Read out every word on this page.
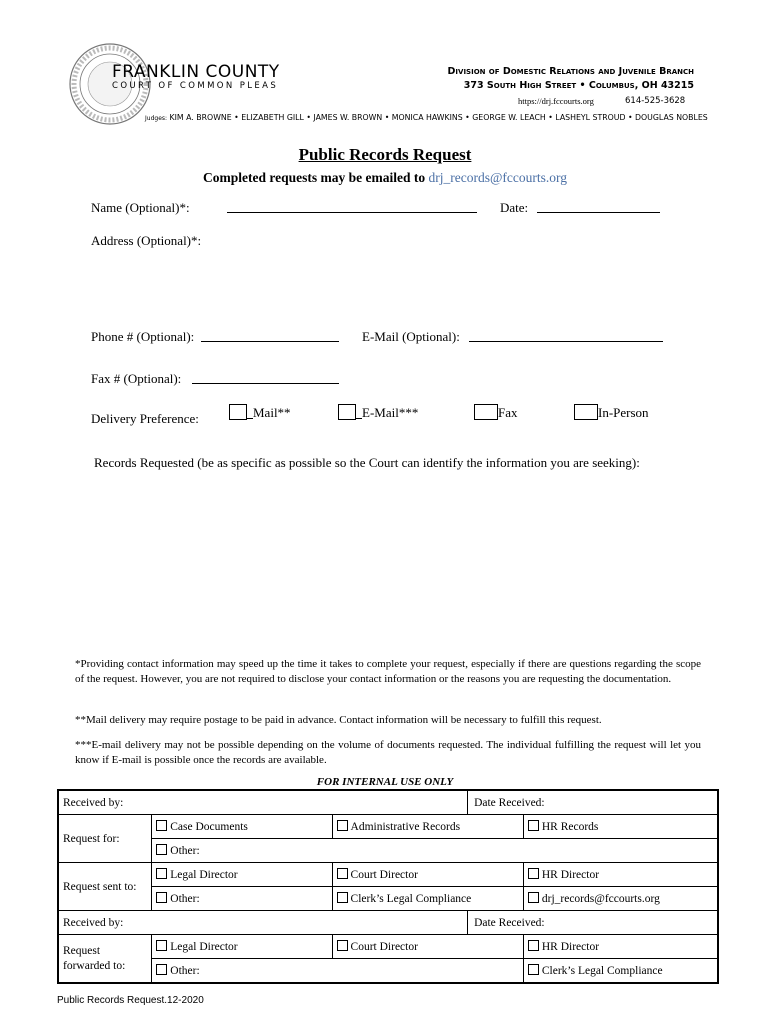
FRANKLIN COUNTY
COURT OF COMMON PLEAS
Division of Domestic Relations and Juvenile Branch
373 South High Street • Columbus, OH 43215
https://drj.fccourts.org	614-525-3628
Judges: KIM A. BROWNE • ELIZABETH GILL • JAMES W. BROWN • MONICA HAWKINS • GEORGE W. LEACH • LASHEYL STROUD • DOUGLAS NOBLES
Public Records Request
Completed requests may be emailed to drj_records@fccourts.org
Name (Optional)*:	Date:
Address (Optional)*:
Phone # (Optional):	E-Mail (Optional):
Fax # (Optional):
Delivery Preference:	Mail**	E-Mail***	Fax	In-Person
Records Requested (be as specific as possible so the Court can identify the information you are seeking):
*Providing contact information may speed up the time it takes to complete your request, especially if there are questions regarding the scope of the request. However, you are not required to disclose your contact information or the reasons you are requesting the documentation.
**Mail delivery may require postage to be paid in advance. Contact information will be necessary to fulfill this request.
***E-mail delivery may not be possible depending on the volume of documents requested. The individual fulfilling the request will let you know if E-mail is possible once the records are available.
FOR INTERNAL USE ONLY
Received by:			Date Received:	
Request for:	Case Documents	Administrative Records		HR Records
	Other:			
Request sent to:	Legal Director	Court Director		HR Director
	Other:	Clerk’s Legal Compliance		drj_records@fccourts.org
Received by:			Date Received:	
Request
forwarded to:	Legal Director	Court Director		HR Director
	Other:			Clerk’s Legal Compliance
Public Records Request.12-2020
